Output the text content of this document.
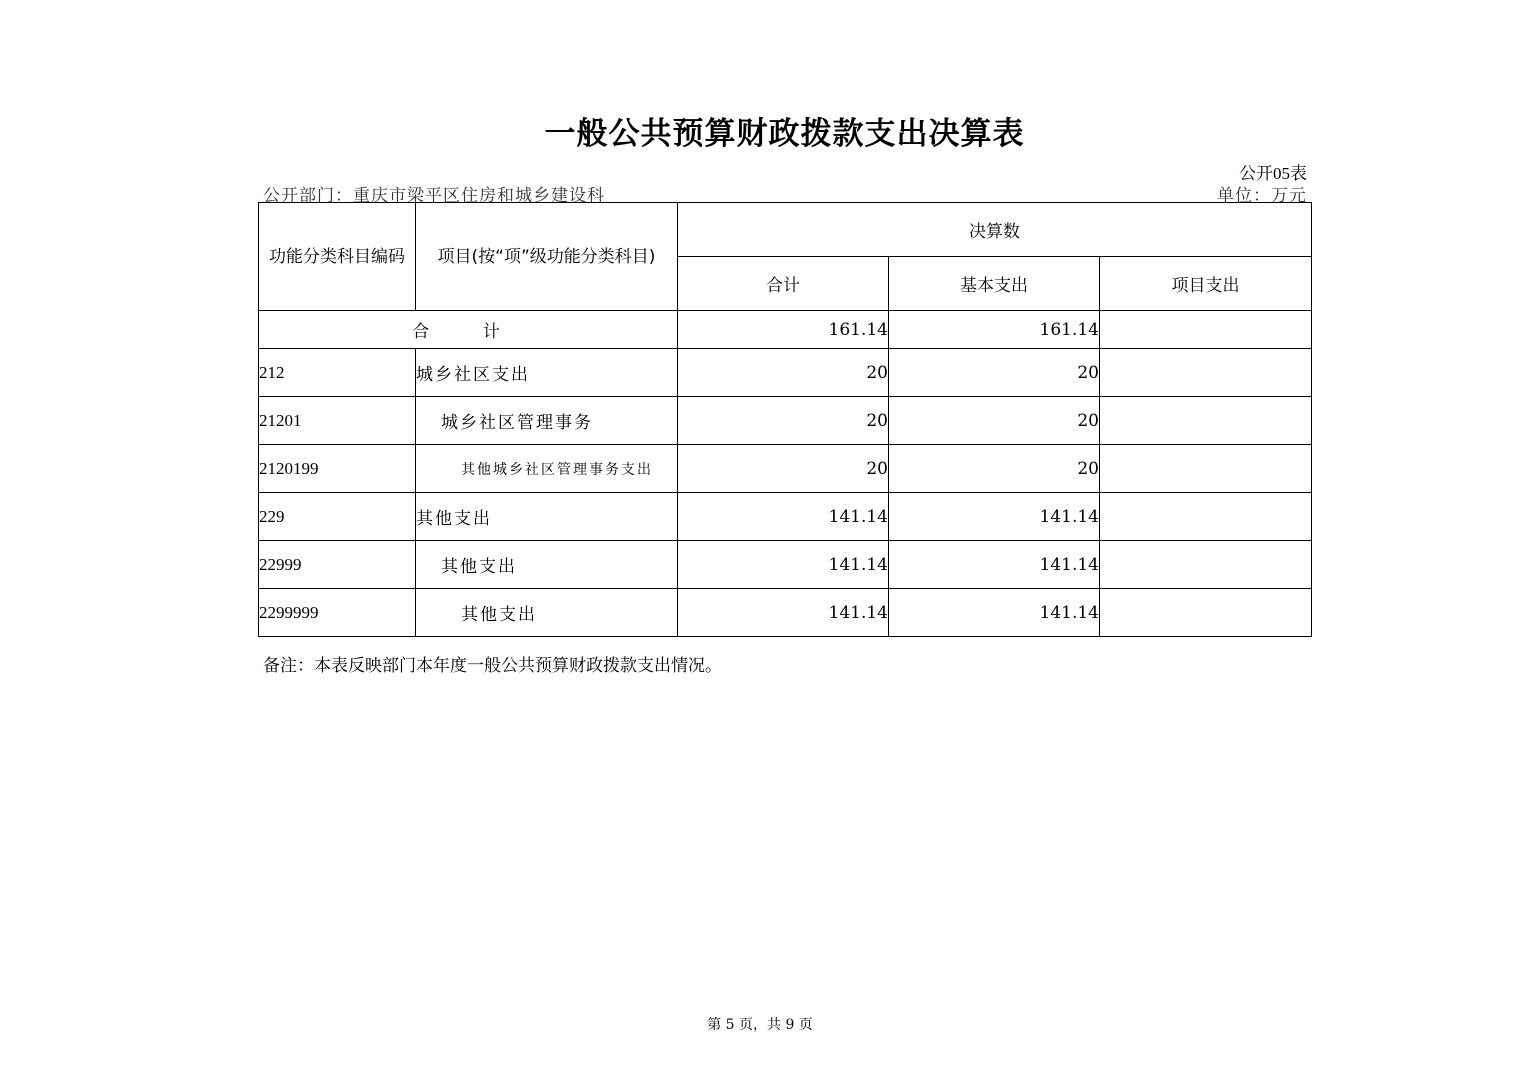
一般公共预算财政拨款支出决算表
公开05表
公开部门：重庆市梁平区住房和城乡建设科	单位：万元
功能分类科目编码	项目(按“项”级功能分类科目)	决算数		
		合计	基本支出	项目支出
合 计		161.14	161.14	
212	城乡社区支出	20	20	
21201	城乡社区管理事务	20	20	
2120199	其他城乡社区管理事务支出	20	20	
229	其他支出	141.14	141.14	
22999	其他支出	141.14	141.14	
2299999	其他支出	141.14	141.14	
备注：本表反映部门本年度一般公共预算财政拨款支出情况。
第 5 页，共 9 页
